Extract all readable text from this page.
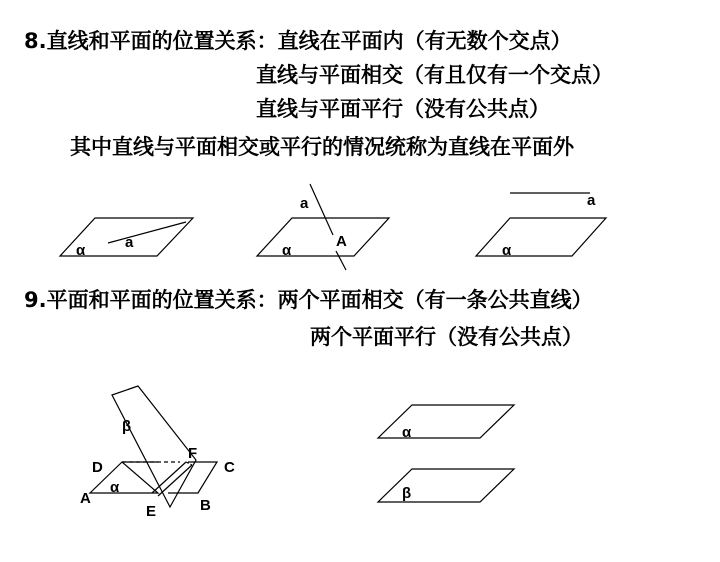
8.直线和平面的位置关系：直线在平面内（有无数个交点）
直线与平面相交（有且仅有一个交点）
直线与平面平行（没有公共点）
其中直线与平面相交或平行的情况统称为直线在平面外
9.平面和平面的位置关系：两个平面相交（有一条公共直线）
两个平面平行（没有公共点）
α	a	α
a
A
α
a
β
α
D
A
F
C
B
E
α
β
